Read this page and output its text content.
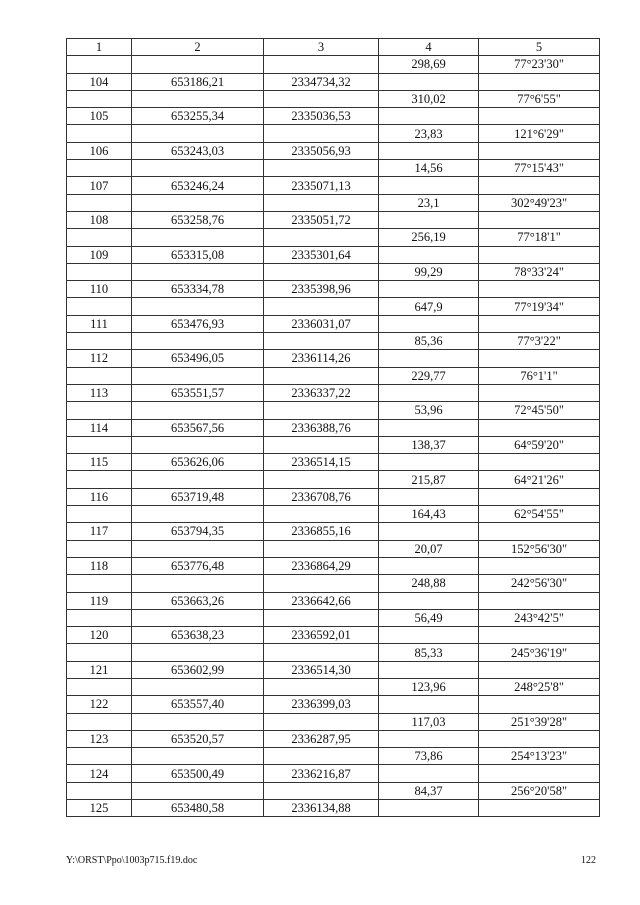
1	2	3	4	5
			298,69	77°23'30"
104	653186,21	2334734,32		
			310,02	77°6'55"
105	653255,34	2335036,53		
			23,83	121°6'29"
106	653243,03	2335056,93		
			14,56	77°15'43"
107	653246,24	2335071,13		
			23,1	302°49'23"
108	653258,76	2335051,72		
			256,19	77°18'1"
109	653315,08	2335301,64		
			99,29	78°33'24"
110	653334,78	2335398,96		
			647,9	77°19'34"
111	653476,93	2336031,07		
			85,36	77°3'22"
112	653496,05	2336114,26		
			229,77	76°1'1"
113	653551,57	2336337,22		
			53,96	72°45'50"
114	653567,56	2336388,76		
			138,37	64°59'20"
115	653626,06	2336514,15		
			215,87	64°21'26"
116	653719,48	2336708,76		
			164,43	62°54'55"
117	653794,35	2336855,16		
			20,07	152°56'30"
118	653776,48	2336864,29		
			248,88	242°56'30"
119	653663,26	2336642,66		
			56,49	243°42'5"
120	653638,23	2336592,01		
			85,33	245°36'19"
121	653602,99	2336514,30		
			123,96	248°25'8"
122	653557,40	2336399,03		
			117,03	251°39'28"
123	653520,57	2336287,95		
			73,86	254°13'23"
124	653500,49	2336216,87		
			84,37	256°20'58"
125	653480,58	2336134,88		
Y:\ORST\Ppo\1003p715.f19.doc	122
